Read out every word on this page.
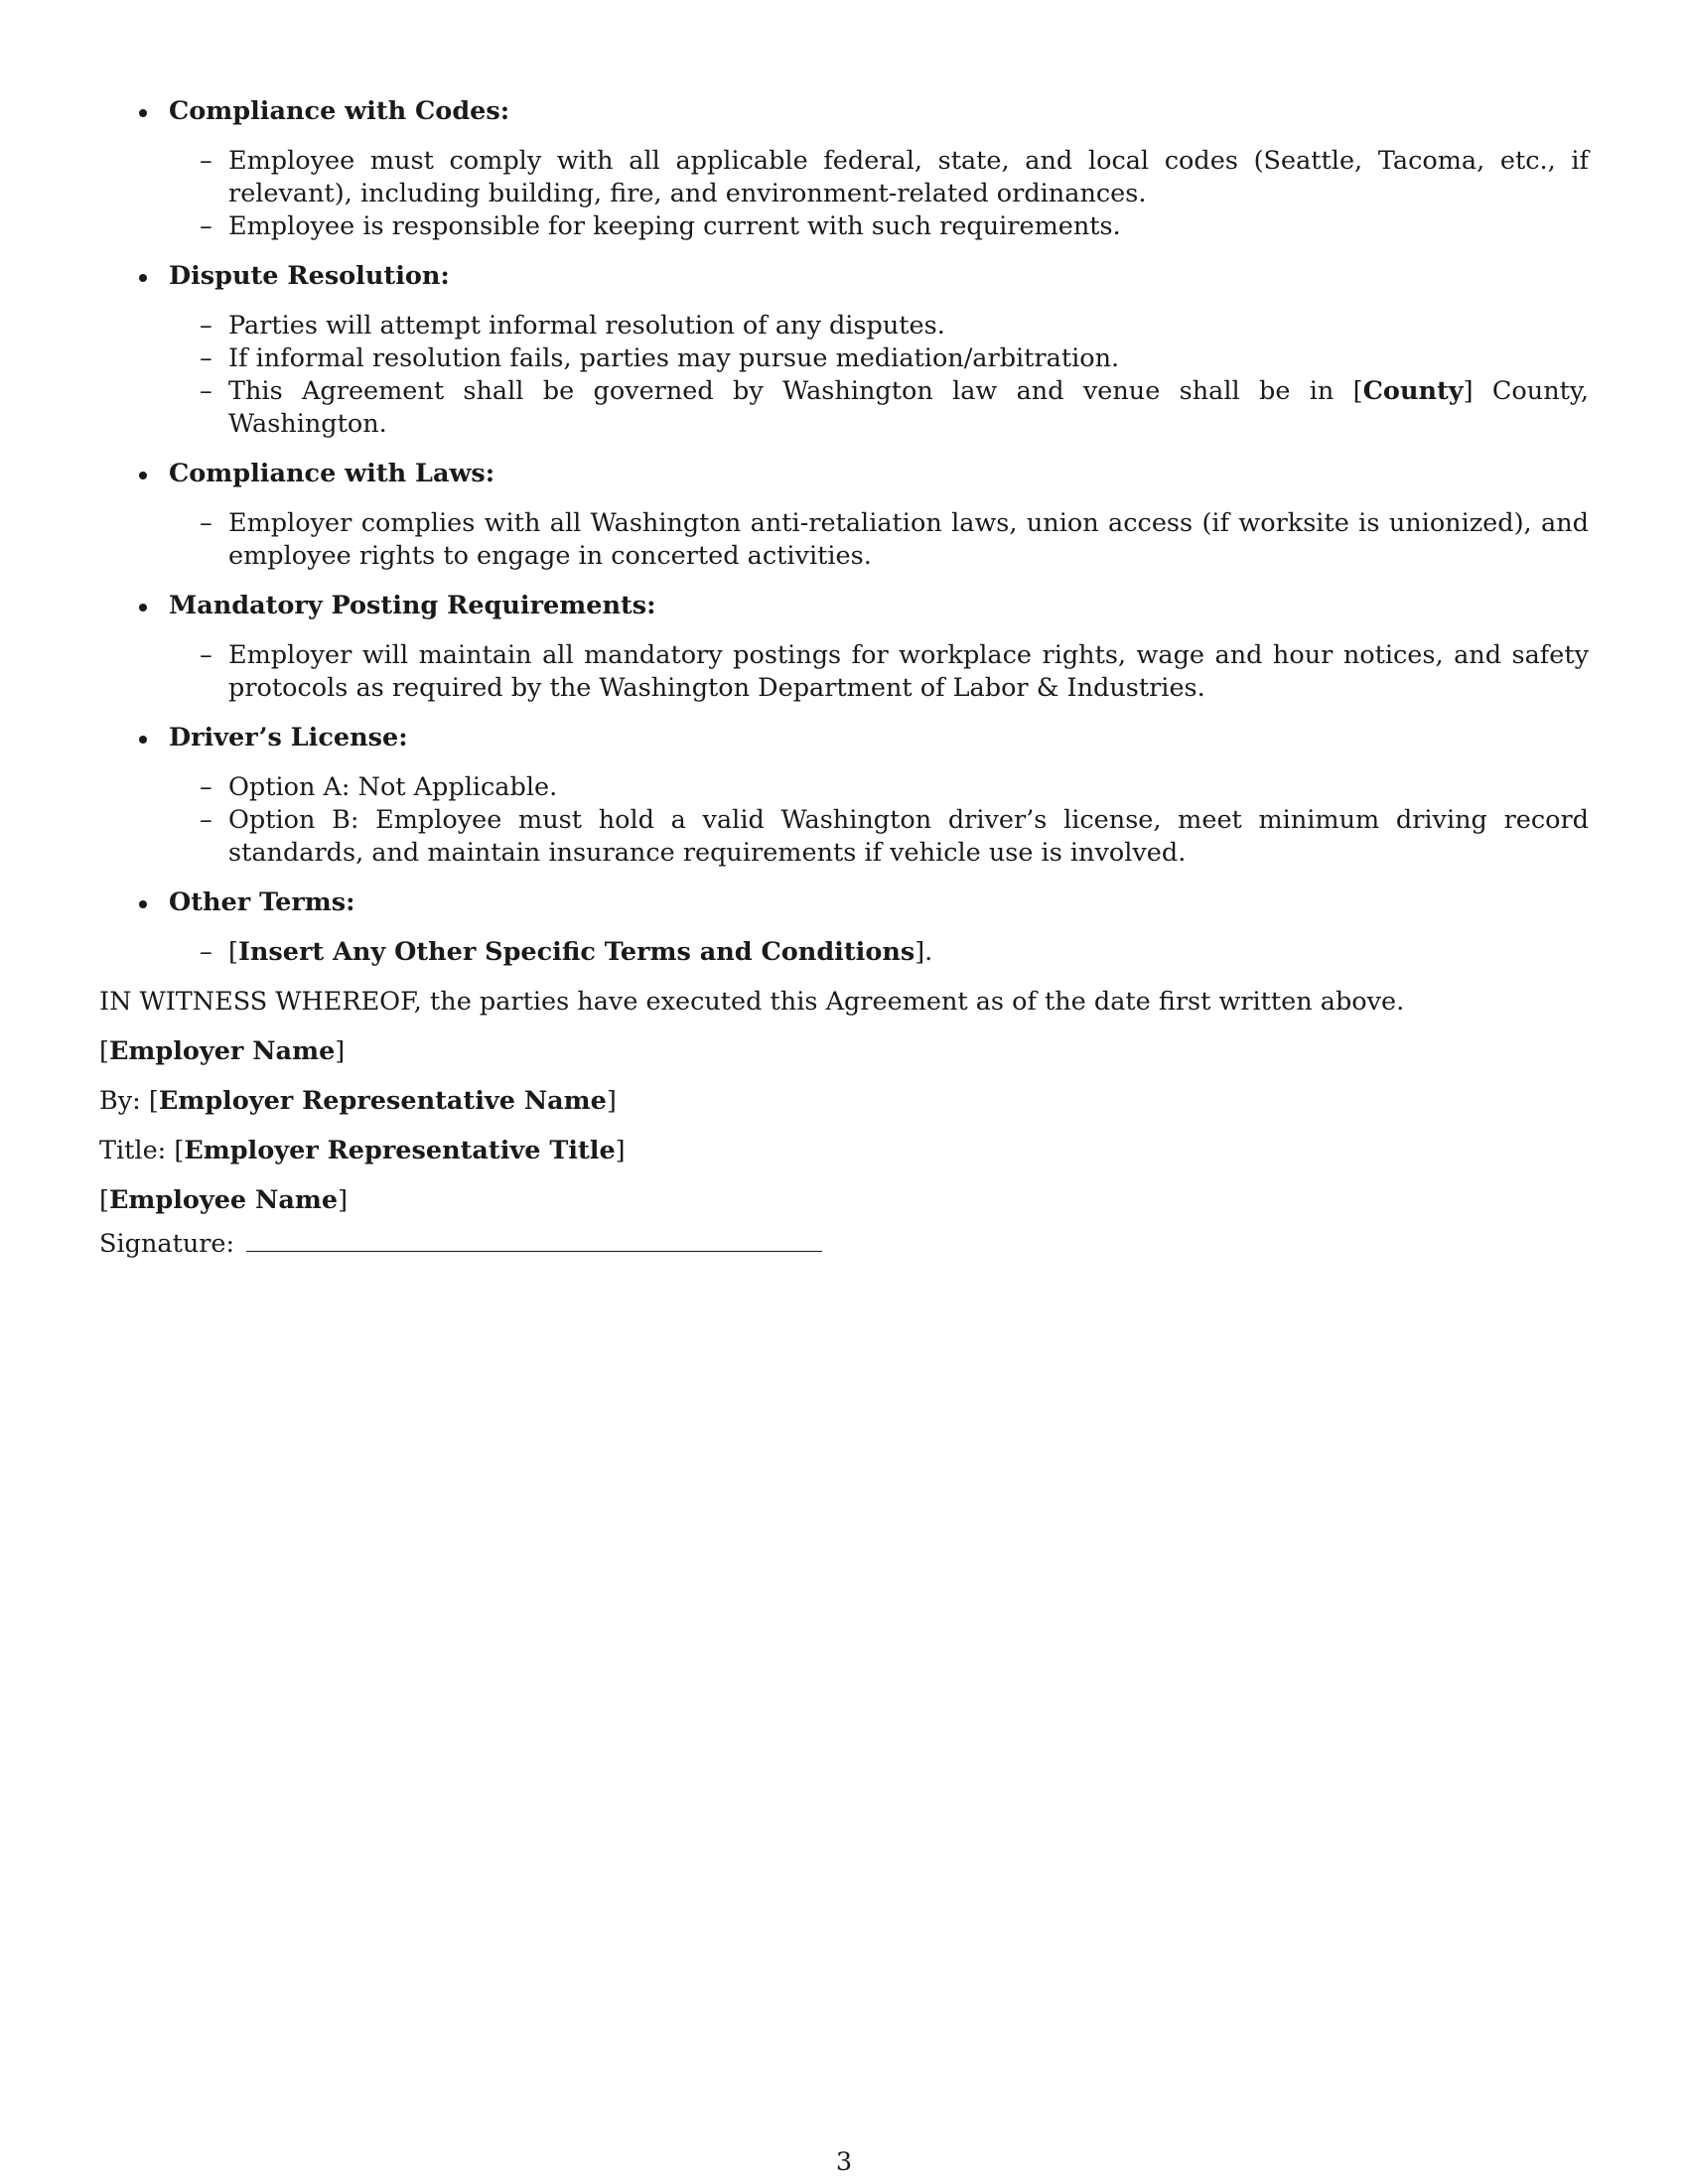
Compliance with Codes:

– Employee must comply with all applicable federal, state, and local codes (Seattle, Tacoma, etc., if relevant), including building, fire, and environment-related ordinances.
– Employee is responsible for keeping current with such requirements.

Dispute Resolution:

– Parties will attempt informal resolution of any disputes.
– If informal resolution fails, parties may pursue mediation/arbitration.
– This Agreement shall be governed by Washington law and venue shall be in [County] County, Washington.

Compliance with Laws:

– Employer complies with all Washington anti-retaliation laws, union access (if worksite is unionized), and employee rights to engage in concerted activities.

Mandatory Posting Requirements:

– Employer will maintain all mandatory postings for workplace rights, wage and hour notices, and safety protocols as required by the Washington Department of Labor & Industries.

Driver’s License:

– Option A: Not Applicable.
– Option B: Employee must hold a valid Washington driver’s license, meet minimum driving record standards, and maintain insurance requirements if vehicle use is involved.

Other Terms:

– [Insert Any Other Specific Terms and Conditions].

IN WITNESS WHEREOF, the parties have executed this Agreement as of the date first written above.

[Employer Name]

By: [Employer Representative Name]

Title: [Employer Representative Title]

[Employee Name]

Signature:

3
